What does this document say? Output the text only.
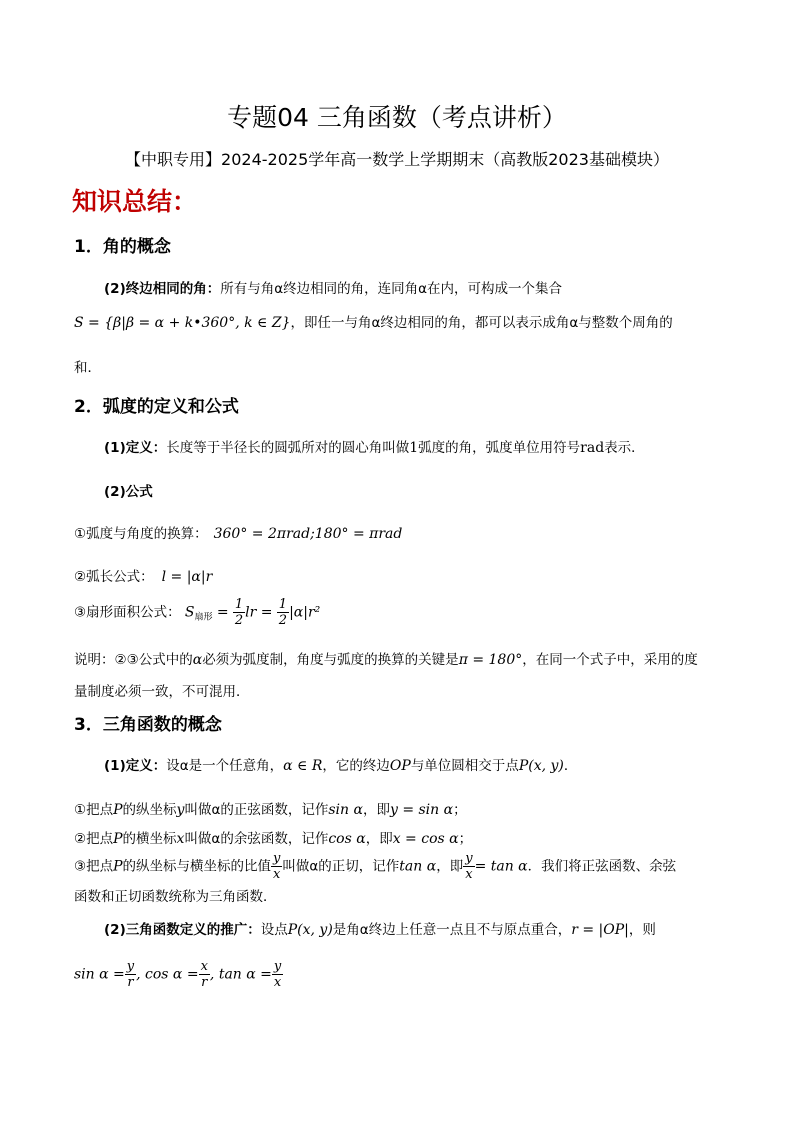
专题04 三角函数（考点讲析）
【中职专用】2024-2025学年高一数学上学期期末（高教版2023基础模块）
知识总结：
1．角的概念
(2)终边相同的角：所有与角α终边相同的角，连同角α在内，可构成一个集合
S = {β|β = α + k•360°, k ∈ Z}，即任一与角α终边相同的角，都可以表示成角α与整数个周角的
和．
2．弧度的定义和公式
(1)定义：长度等于半径长的圆弧所对的圆心角叫做1弧度的角，弧度单位用符号rad表示．
(2)公式
①弧度与角度的换算： 360° = 2πrad;180° = πrad
②弧长公式： l = |α|r
③扇形面积公式： $S_{扇形} = \frac{1}{2}$ lr = $\frac{1}{2} |\alpha|r^2$
说明：②③公式中的α必须为弧度制，角度与弧度的换算的关键是π = 180°，在同一个式子中，采用的度
量制度必须一致，不可混用．
3．三角函数的概念
(1)定义：设α是一个任意角，α ∈ R，它的终边OP与单位圆相交于点P(x, y)．
①把点P的纵坐标y叫做α的正弦函数，记作sin α，即y = sin α；
②把点P的横坐标x叫做α的余弦函数，记作cos α，即x = cos α；
③把点P的纵坐标与横坐标的比值 $\frac{y}{x}$ 叫做α的正切，记作tan α，即 $\frac{y}{x} = \tan \alpha$．我们将正弦函数、余弦
函数和正切函数统称为三角函数．
(2)三角函数定义的推广：设点P(x, y)是角α终边上任意一点且不与原点重合，r = |OP|，则
$\sin \alpha = \frac{y}{r}$ , $\cos \alpha = \frac{x}{r}$ , $\tan \alpha = \frac{y}{x}$
